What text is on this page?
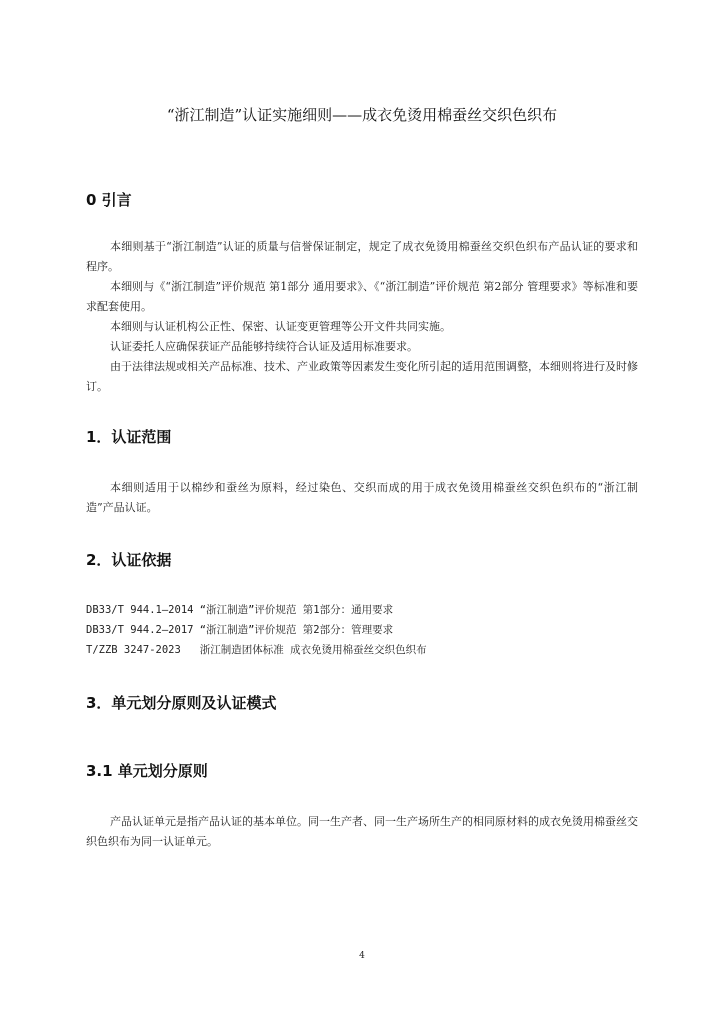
“浙江制造”认证实施细则——成衣免烫用棉蚕丝交织色织布
0 引言

本细则基于“浙江制造”认证的质量与信誉保证制定，规定了成衣免烫用棉蚕丝交织色织布产品认证的要求和程序。

本细则与《“浙江制造”评价规范 第1部分 通用要求》、《“浙江制造”评价规范 第2部分 管理要求》等标准和要求配套使用。

本细则与认证机构公正性、保密、认证变更管理等公开文件共同实施。

认证委托人应确保获证产品能够持续符合认证及适用标准要求。

由于法律法规或相关产品标准、技术、产业政策等因素发生变化所引起的适用范围调整，本细则将进行及时修订。

1．认证范围

本细则适用于以棉纱和蚕丝为原料，经过染色、交织而成的用于成衣免烫用棉蚕丝交织色织布的“浙江制造”产品认证。

2．认证依据

DB33/T 944.1—2014 “浙江制造”评价规范 第1部分：通用要求

DB33/T 944.2—2017 “浙江制造”评价规范 第2部分：管理要求

T/ZZB 3247-2023   浙江制造团体标准 成衣免烫用棉蚕丝交织色织布

3．单元划分原则及认证模式
3.1 单元划分原则

产品认证单元是指产品认证的基本单位。同一生产者、同一生产场所生产的相同原材料的成衣免烫用棉蚕丝交织色织布为同一认证单元。

4
